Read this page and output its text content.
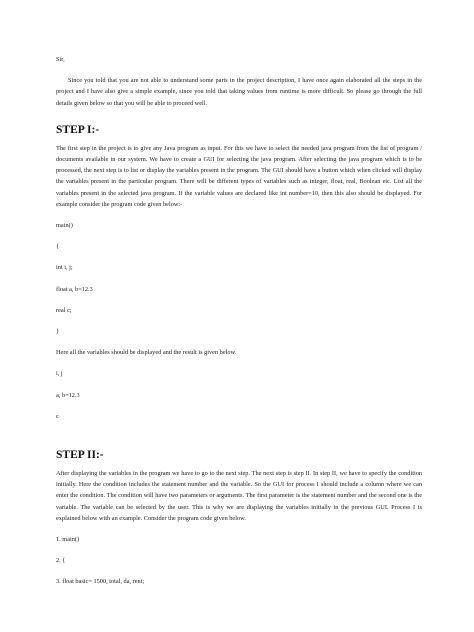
Sir,

Since you told that you are not able to understand some parts in the project description, I have once again elaborated all the steps in the project and I have also give a simple example, since you told that taking values from runtime is more difficult. So please go through the full details given below so that you will be able to proceed well.

STEP I:-

The first step in the project is to give any Java program as input. For this we have to select the needed java program from the list of program / documents available in our system. We have to create a GUI for selecting the java program. After selecting the java program which is to be processed, the next step is to list or display the variables present in the program. The GUI should have a button which when clicked will display the variables present in the particular program. There will be different types of variables such as integer, float, real, Boolean etc. List all the variables present in the selected java program. If the variable values are declared like int number=10, then this also should be displayed. For example consider the program code given below:-

main()

{

int i, j;

float a, b=12.3

real c;

}

Here all the variables should be displayed and the result is given below.

i, j

a, b=12.3

c

STEP II:-

After displaying the variables in the program we have to go to the next step. The next step is step II. In step II, we have to specify the condition initially. Here the condition includes the statement number and the variable. So the GUI for process I should include a column where we can enter the condition. The condition will have two parameters or arguments. The first parameter is the statement number and the second one is the variable. The variable can be selected by the user. This is why we are displaying the variables initially in the previous GUI. Process I is explained below with an example. Consider the program code given below.

1. main()

2. {

3. float basic= 1500, total, da, rent;
